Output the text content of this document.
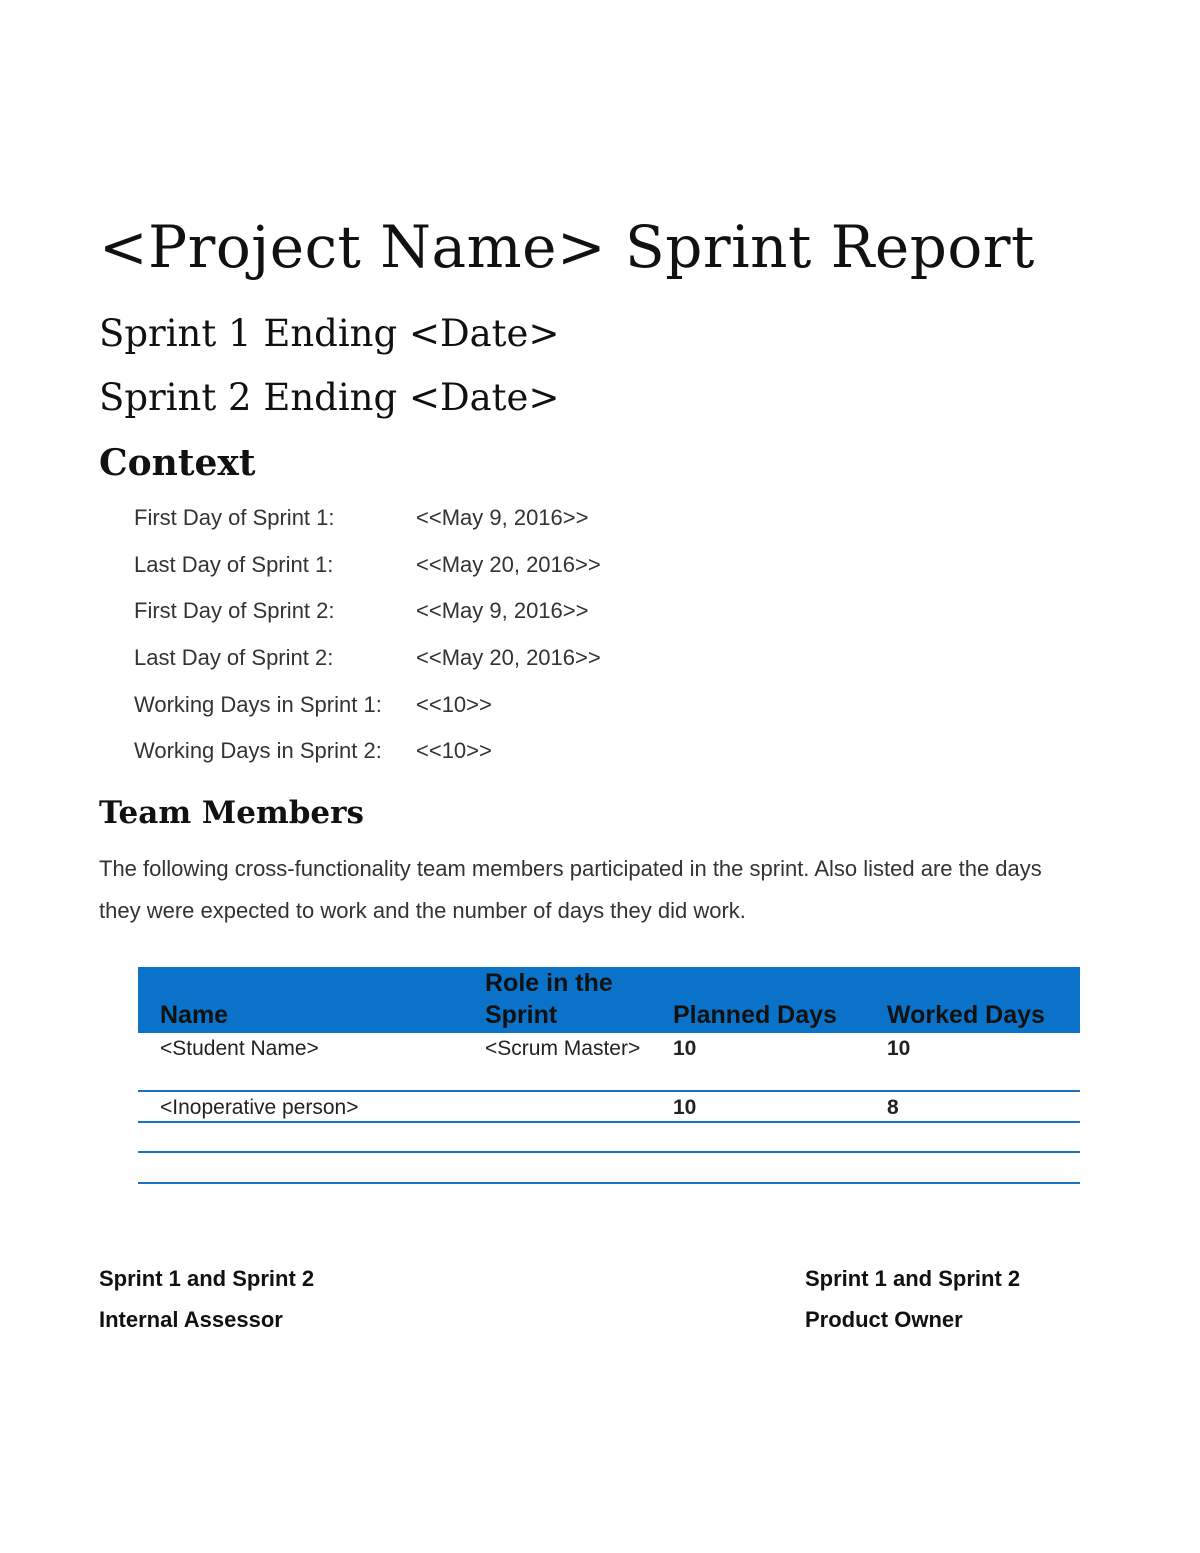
<Project Name> Sprint Report
Sprint 1 Ending <Date>
Sprint 2 Ending <Date>
Context
First Day of Sprint 1:	<<May 9, 2016>>
Last Day of Sprint 1:	<<May 20, 2016>>
First Day of Sprint 2:	<<May 9, 2016>>
Last Day of Sprint 2:	<<May 20, 2016>>
Working Days in Sprint 1: <<10>>
Working Days in Sprint 2: <<10>>
Team Members

The following cross-functionality team members participated in the sprint. Also listed are the days they were expected to work and the number of days they did work.

Name	Role in the Sprint	Planned Days	Worked Days
<Student Name>	<Scrum Master>	10	10
<Inoperative person>		10	8

Sprint 1 and Sprint 2
Internal Assessor
Sprint 1 and Sprint 2
Product Owner
